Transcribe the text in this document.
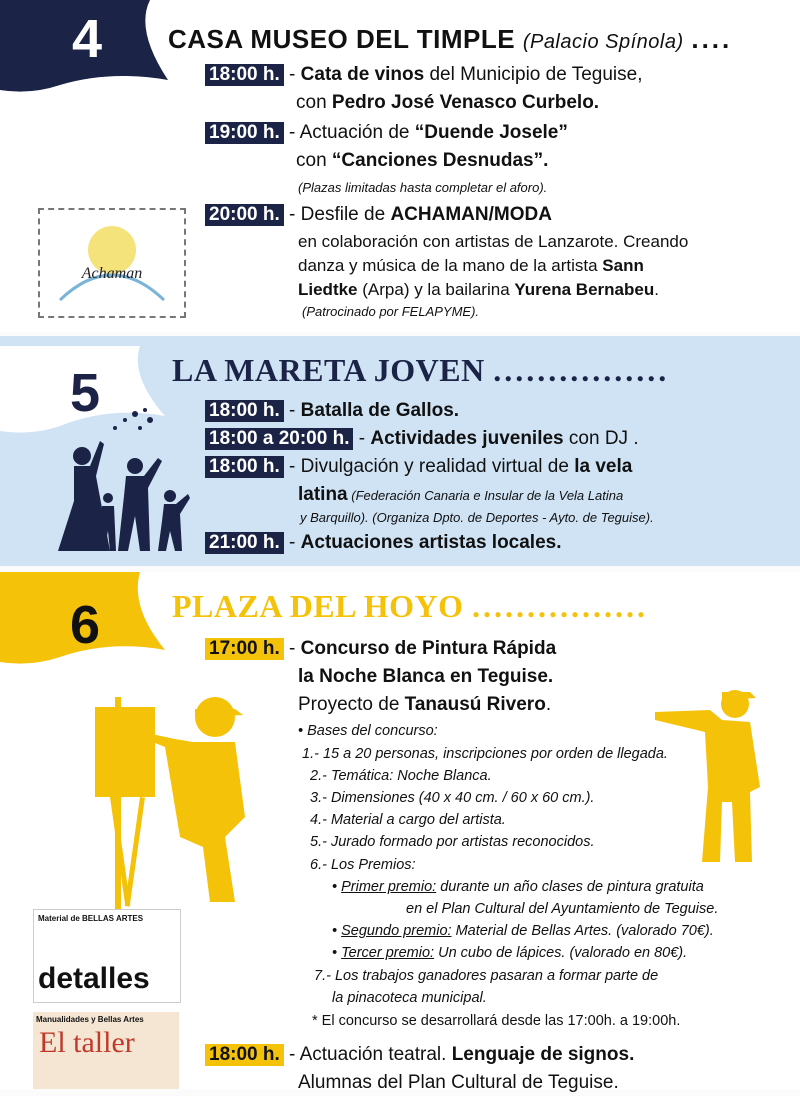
4	CASA MUSEO DEL TIMPLE (Palacio Spínola) ....
18:00 h. - Cata de vinos del Municipio de Teguise,
con Pedro José Venasco Curbelo.
19:00 h. - Actuación de “Duende Josele”
con “Canciones Desnudas”.
(Plazas limitadas hasta completar el aforo).
Achaman
20:00 h. - Desfile de ACHAMAN/MODA
en colaboración con artistas de Lanzarote. Creando
danza y música de la mano de la artista Sann
Liedtke (Arpa) y la bailarina Yurena Bernabeu.
(Patrocinado por FELAPYME).
5 LA MARETA JOVEN ................
18:00 h. - Batalla de Gallos.
18:00 a 20:00 h. - Actividades juveniles con DJ .
18:00 h. - Divulgación y realidad virtual de la vela
latina (Federación Canaria e Insular de la Vela Latina
y Barquillo). (Organiza Dpto. de Deportes - Ayto. de Teguise).
21:00 h. - Actuaciones artistas locales.
6 PLAZA DEL HOYO ................
17:00 h. - Concurso de Pintura Rápida
la Noche Blanca en Teguise.
Proyecto de Tanausú Rivero.
• Bases del concurso:
1.- 15 a 20 personas, inscripciones por orden de llegada.
2.- Temática: Noche Blanca.
3.- Dimensiones (40 x 40 cm. / 60 x 60 cm.).
4.- Material a cargo del artista.
5.- Jurado formado por artistas reconocidos.
6.- Los Premios:
• Primer premio: durante un año clases de pintura gratuita
en el Plan Cultural del Ayuntamiento de Teguise.
• Segundo premio: Material de Bellas Artes. (valorado 70€).
• Tercer premio: Un cubo de lápices. (valorado en 80€).
7.- Los trabajos ganadores pasaran a formar parte de
la pinacoteca municipal.
* El concurso se desarrollará desde las 17:00h. a 19:00h.
Material de BELLAS ARTES
detalles
Manualidades y Bellas Artes
El taller	18:00 h. - Actuación teatral. Lenguaje de signos.
Alumnas del Plan Cultural de Teguise.
